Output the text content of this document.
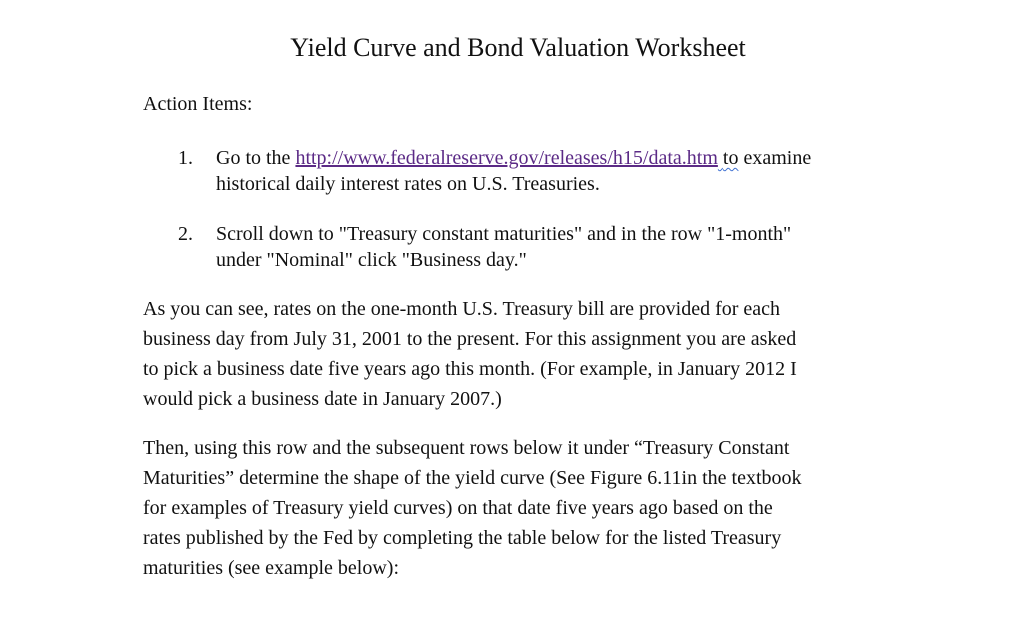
Yield Curve and Bond Valuation Worksheet
Action Items:
1. Go to the http://www.federalreserve.gov/releases/h15/data.htm to examine
historical daily interest rates on U.S. Treasuries.
2. Scroll down to "Treasury constant maturities" and in the row "1-month"
under "Nominal" click "Business day."

As you can see, rates on the one-month U.S. Treasury bill are provided for each

business day from July 31, 2001 to the present. For this assignment you are asked

to pick a business date five years ago this month. (For example, in January 2012 I

would pick a business date in January 2007.)

Then, using this row and the subsequent rows below it under “Treasury Constant

Maturities” determine the shape of the yield curve (See Figure 6.11in the textbook

for examples of Treasury yield curves) on that date five years ago based on the

rates published by the Fed by completing the table below for the listed Treasury

maturities (see example below):
